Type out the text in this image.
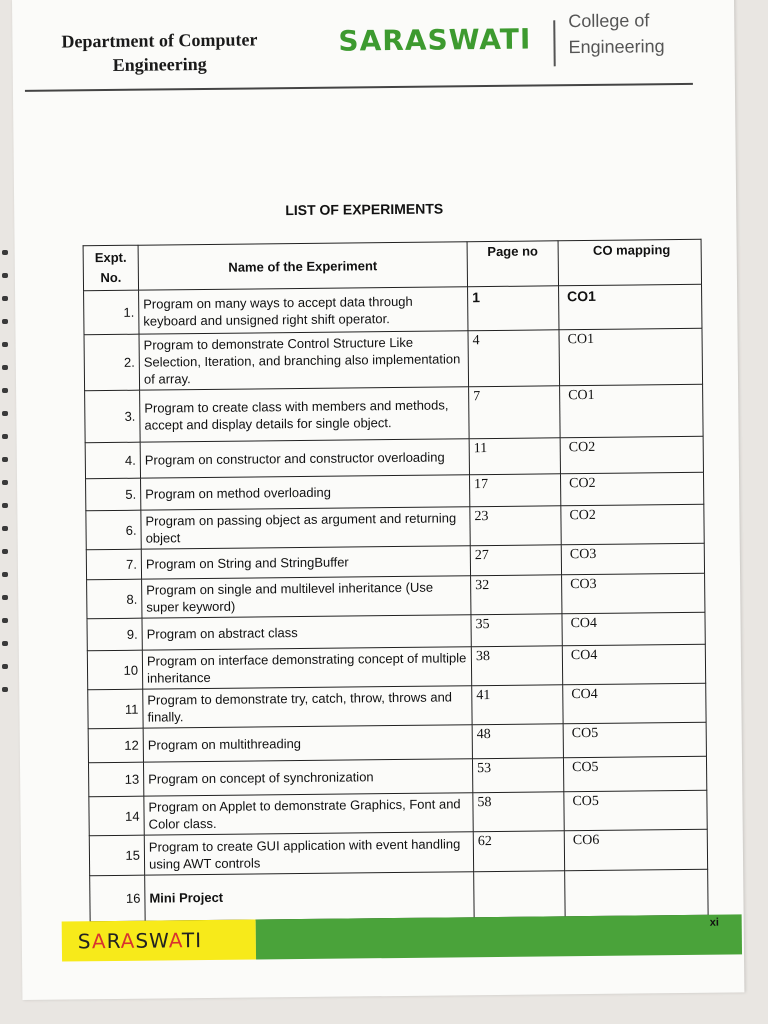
Department of Computer
Engineering
SARASWATI
College of
Engineering
LIST OF EXPERIMENTS
Expt.
No.	Name of the Experiment	Page no	CO mapping
1.	Program on many ways to accept data through keyboard and unsigned right shift operator.	1	CO1
2.	Program to demonstrate Control Structure Like Selection, Iteration, and branching also implementation of array.	4	CO1
3.	Program to create class with members and methods, accept and display details for single object.	7	CO1
4.	Program on constructor and constructor overloading	11	CO2
5.	Program on method overloading	17	CO2
6.	Program on passing object as argument and returning object	23	CO2
7.	Program on String and StringBuffer	27	CO3
8.	Program on single and multilevel inheritance (Use super keyword)	32	CO3
9.	Program on abstract class	35	CO4
10	Program on interface demonstrating concept of multiple inheritance	38	CO4
11	Program to demonstrate try, catch, throw, throws and finally.	41	CO4
12	Program on multithreading	48	CO5
13	Program on concept of synchronization	53	CO5
14	Program on Applet to demonstrate Graphics, Font and Color class.	58	CO5
15	Program to create GUI application with event handling using AWT controls	62	CO6
16	Mini Project		
SARASWATI
xi
